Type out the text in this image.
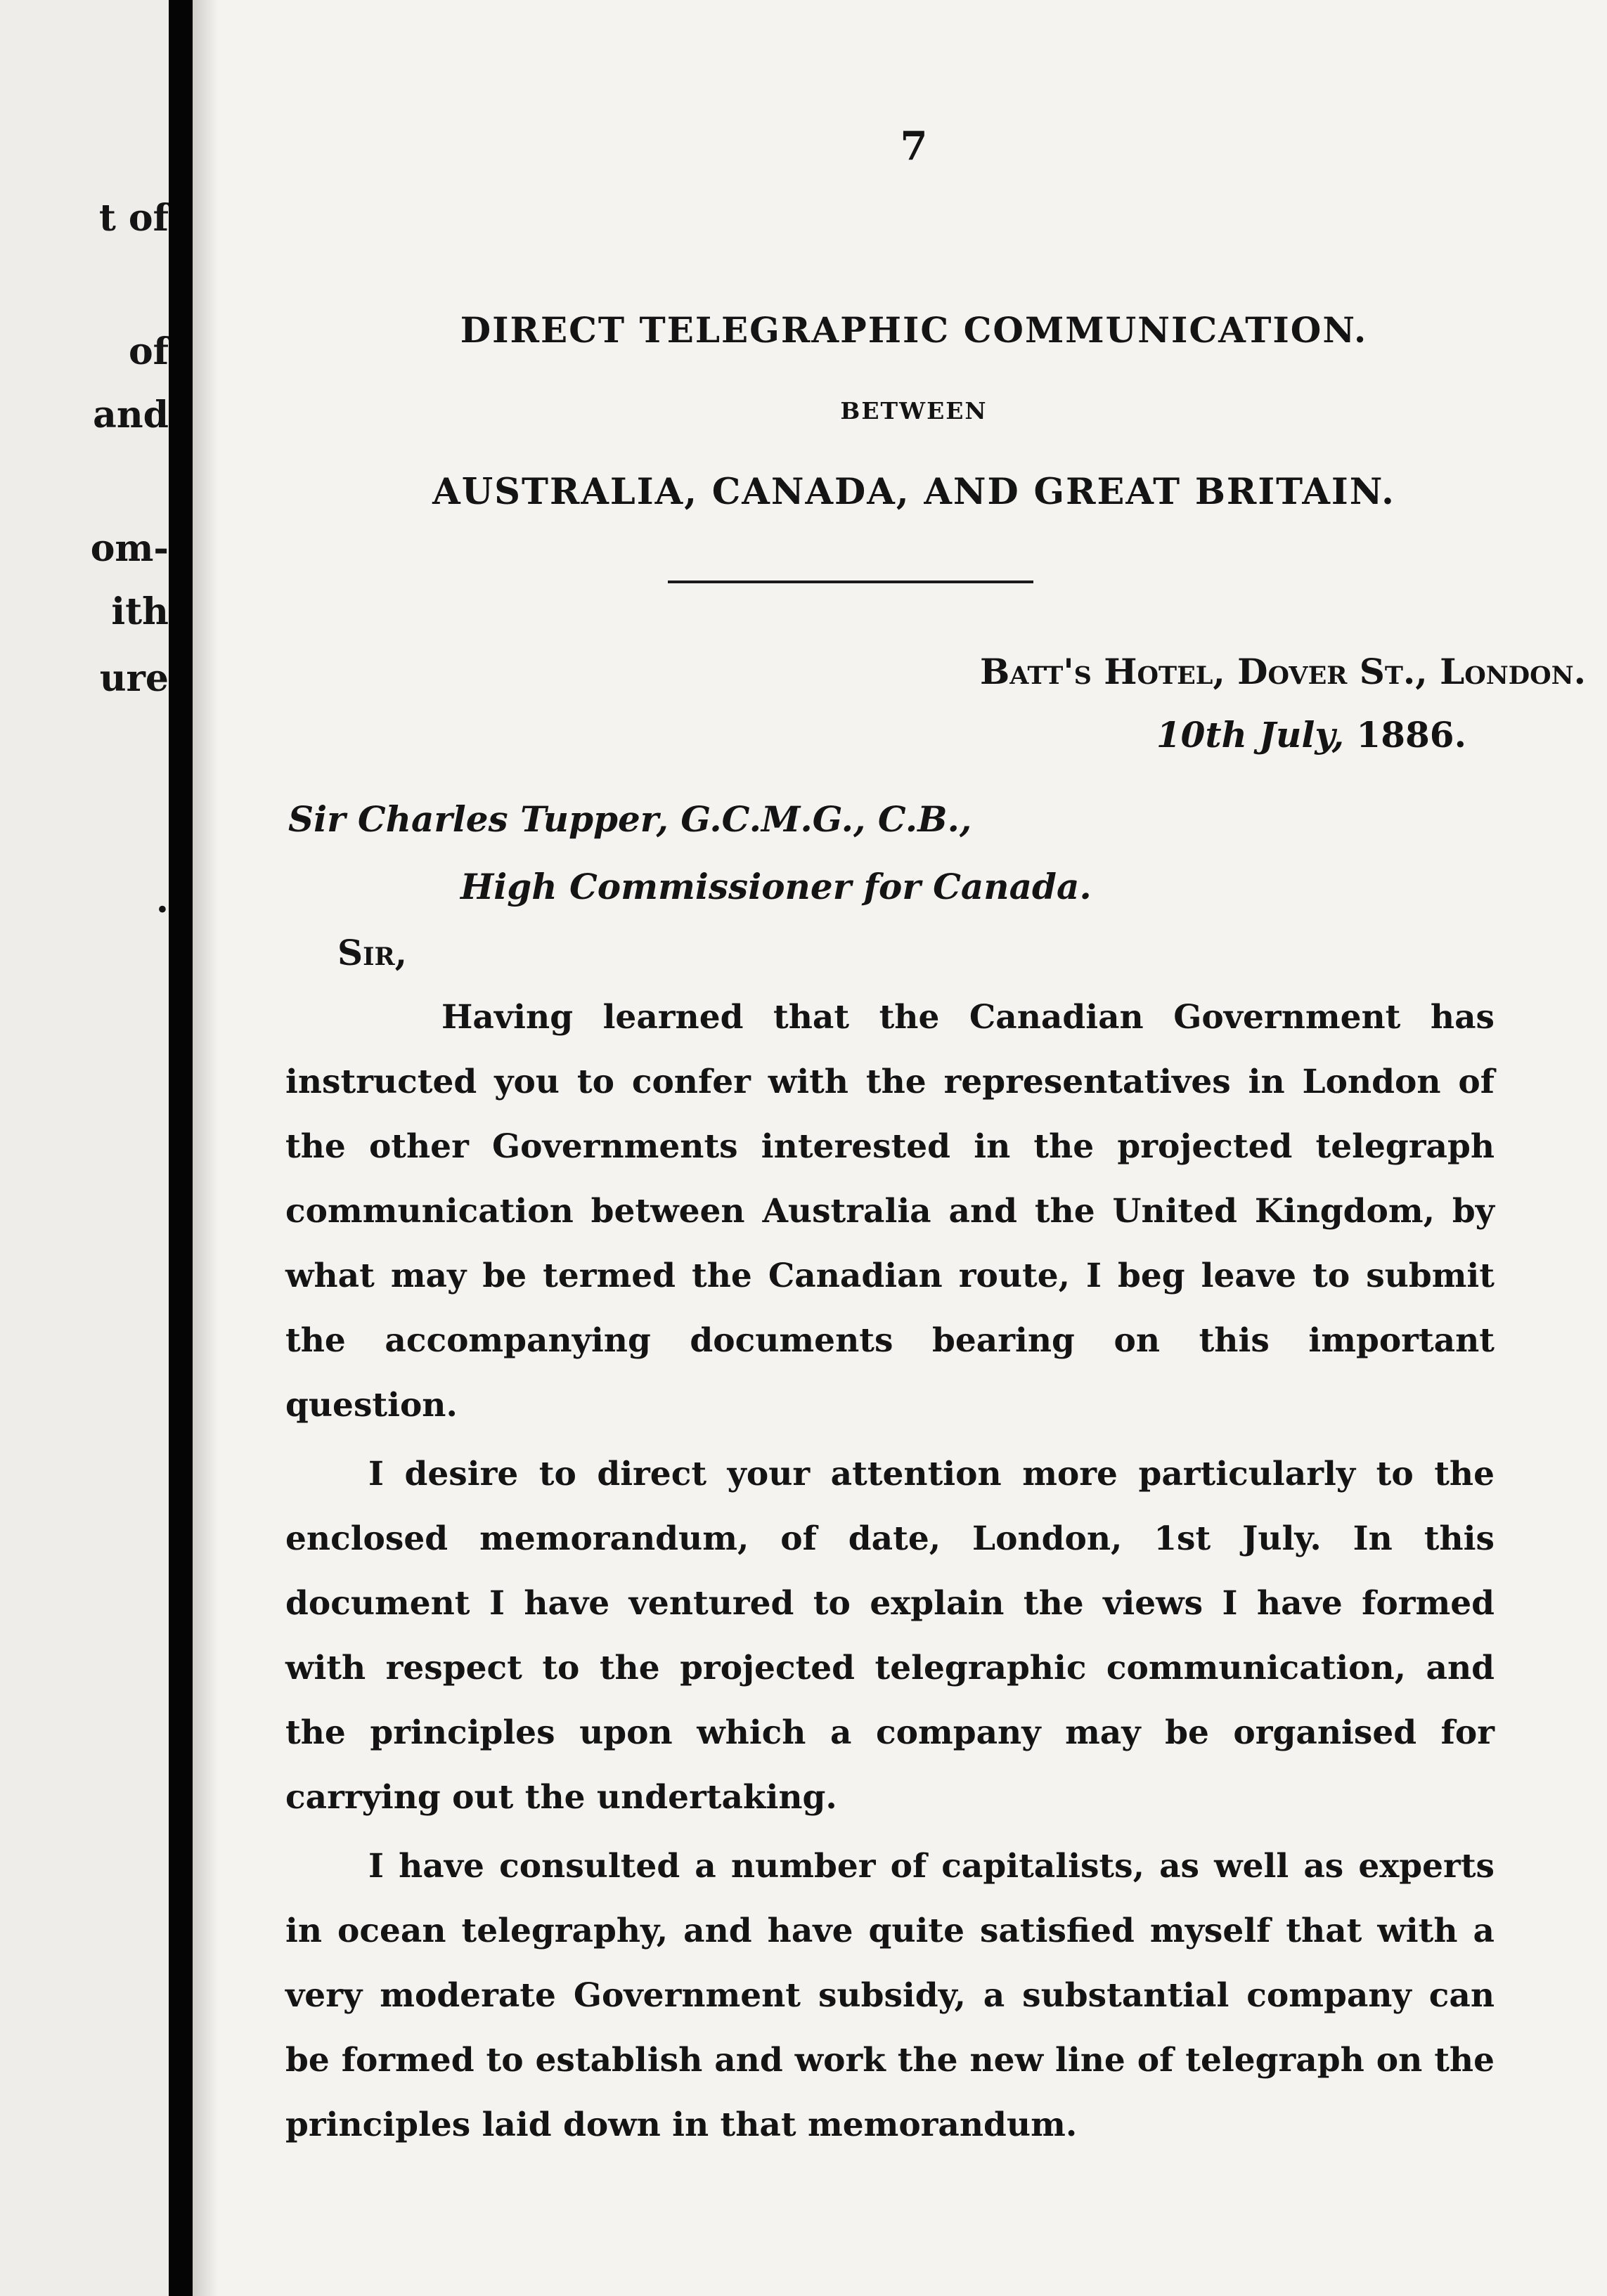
t of
of
and
om-
ith
ure
.
7
DIRECT TELEGRAPHIC COMMUNICATION.
BETWEEN
AUSTRALIA, CANADA, AND GREAT BRITAIN.
Batt's Hotel, Dover St., London.
10th July, 1886.
Sir Charles Tupper, G.C.M.G., C.B.,
High Commissioner for Canada.
Sir,

Having learned that the Canadian Government has instructed you to confer with the representatives in London of the other Governments interested in the projected telegraph communication between Australia and the United Kingdom, by what may be termed the Canadian route, I beg leave to submit the accompanying documents bearing on this important question.

I desire to direct your attention more particularly to the enclosed memorandum, of date, London, 1st July. In this document I have ventured to explain the views I have formed with respect to the projected telegraphic communication, and the principles upon which a company may be organised for carrying out the undertaking.

I have consulted a number of capitalists, as well as experts in ocean telegraphy, and have quite satisfied myself that with a very moderate Government subsidy, a substantial company can be formed to establish and work the new line of telegraph on the principles laid down in that memorandum.
